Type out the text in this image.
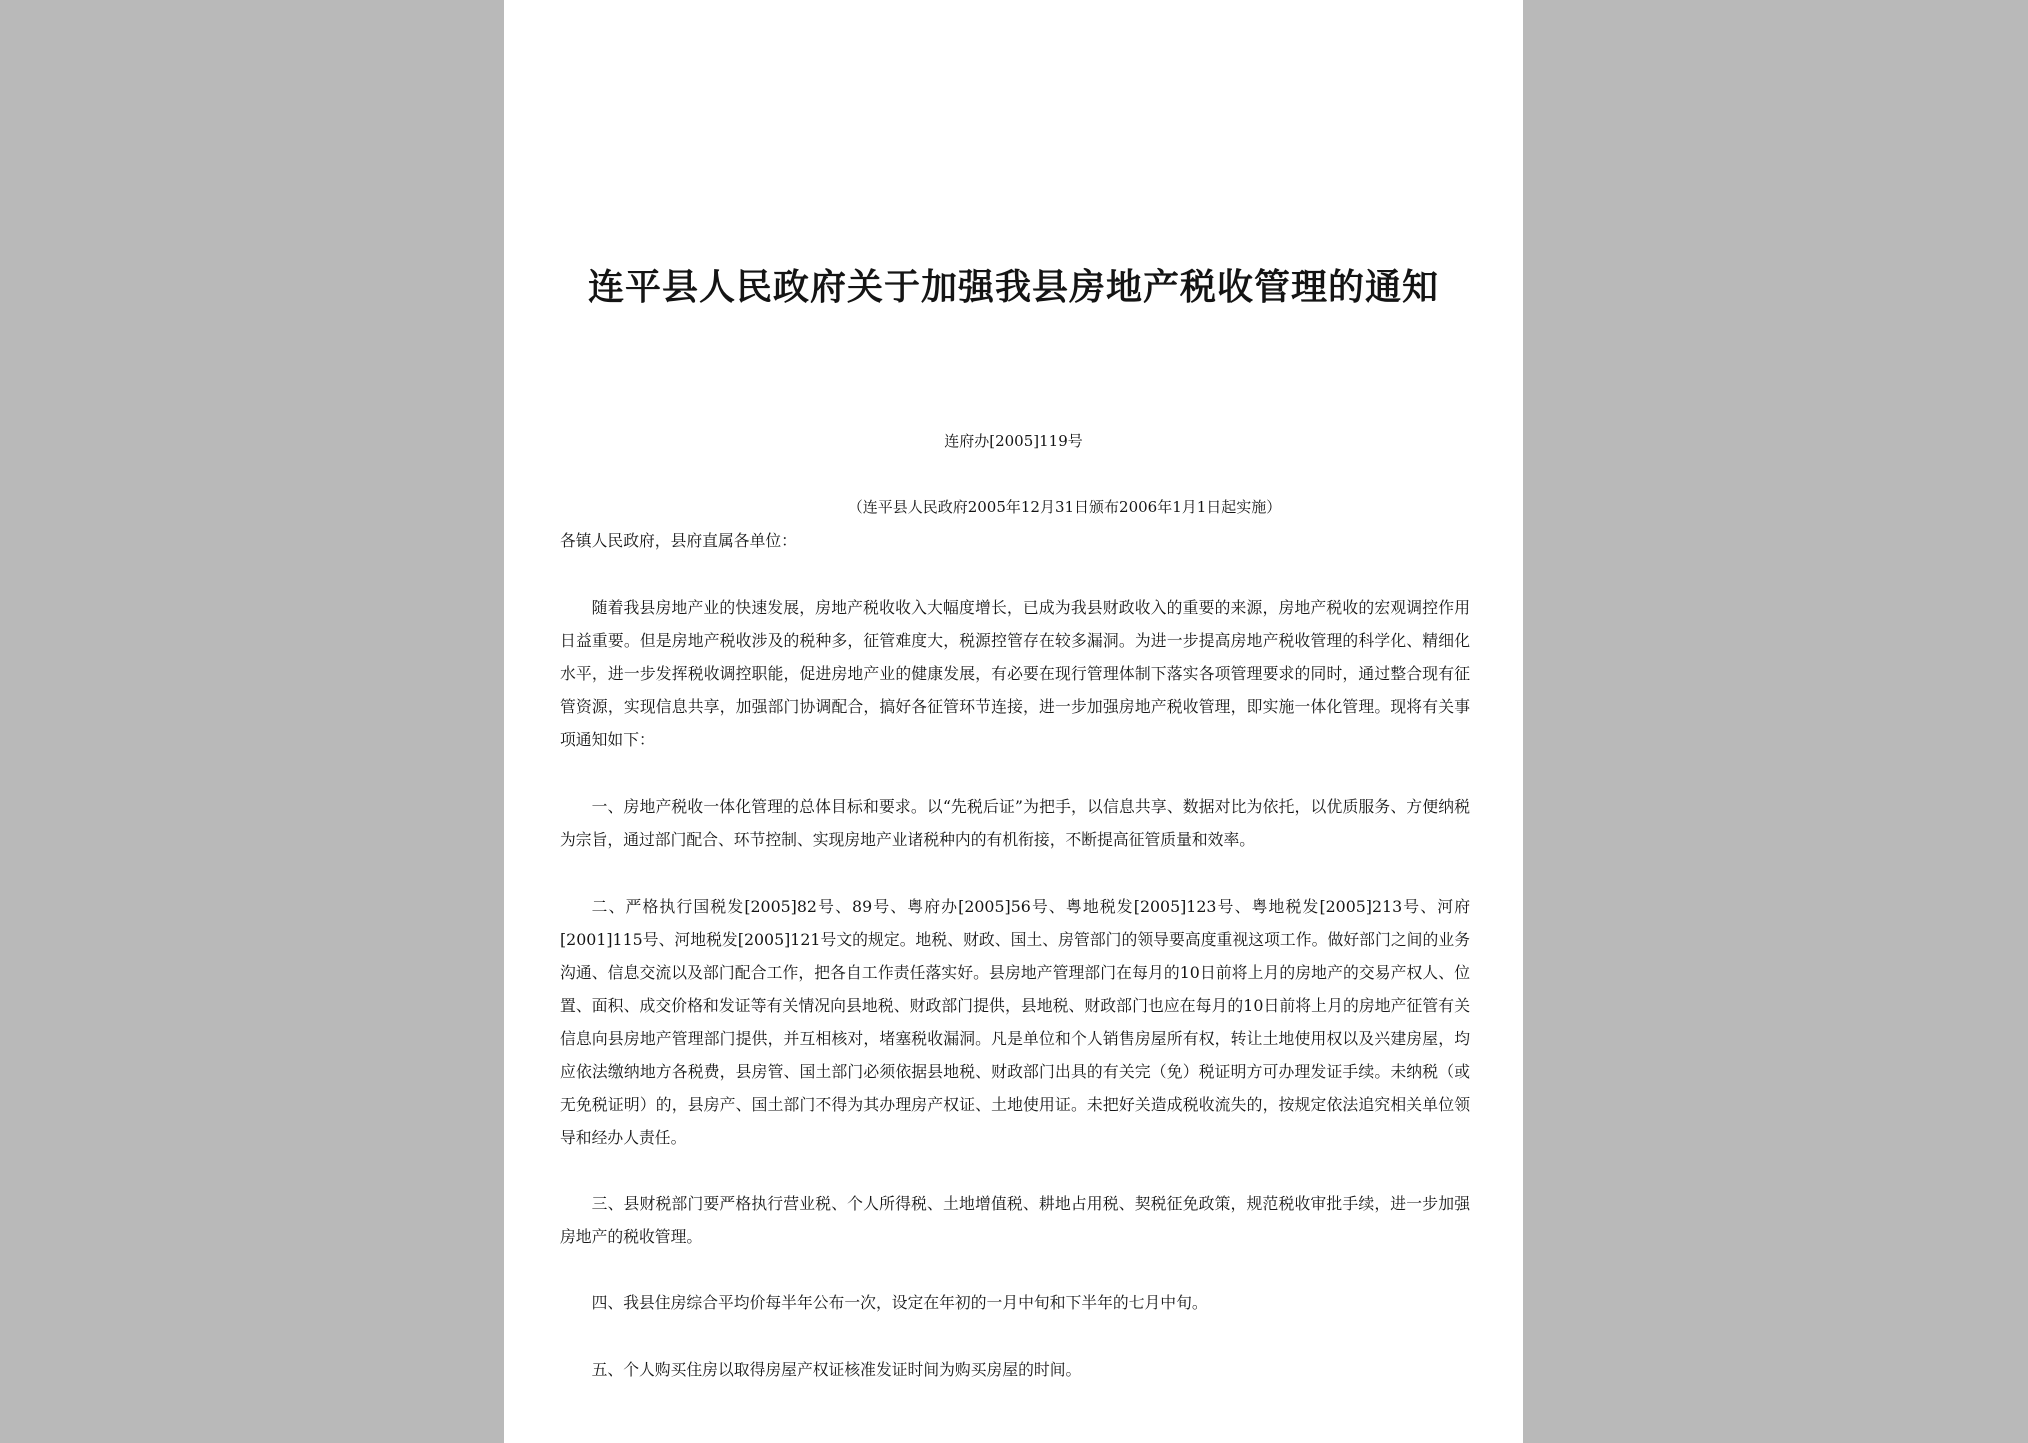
连平县人民政府关于加强我县房地产税收管理的通知
连府办[2005]119号
（连平县人民政府2005年12月31日颁布2006年1月1日起实施）

各镇人民政府，县府直属各单位：

随着我县房地产业的快速发展，房地产税收收入大幅度增长，已成为我县财政收入的重要的来源，房地产税收的宏观调控作用日益重要。但是房地产税收涉及的税种多，征管难度大，税源控管存在较多漏洞。为进一步提高房地产税收管理的科学化、精细化水平，进一步发挥税收调控职能，促进房地产业的健康发展，有必要在现行管理体制下落实各项管理要求的同时，通过整合现有征管资源，实现信息共享，加强部门协调配合，搞好各征管环节连接，进一步加强房地产税收管理，即实施一体化管理。现将有关事项通知如下：

一、房地产税收一体化管理的总体目标和要求。以“先税后证”为把手，以信息共享、数据对比为依托，以优质服务、方便纳税为宗旨，通过部门配合、环节控制、实现房地产业诸税种内的有机衔接，不断提高征管质量和效率。

二、严格执行国税发[2005]82号、89号、粤府办[2005]56号、粤地税发[2005]123号、粤地税发[2005]213号、河府[2001]115号、河地税发[2005]121号文的规定。地税、财政、国土、房管部门的领导要高度重视这项工作。做好部门之间的业务沟通、信息交流以及部门配合工作，把各自工作责任落实好。县房地产管理部门在每月的10日前将上月的房地产的交易产权人、位置、面积、成交价格和发证等有关情况向县地税、财政部门提供，县地税、财政部门也应在每月的10日前将上月的房地产征管有关信息向县房地产管理部门提供，并互相核对，堵塞税收漏洞。凡是单位和个人销售房屋所有权，转让土地使用权以及兴建房屋，均应依法缴纳地方各税费，县房管、国土部门必须依据县地税、财政部门出具的有关完（免）税证明方可办理发证手续。未纳税（或无免税证明）的，县房产、国土部门不得为其办理房产权证、土地使用证。未把好关造成税收流失的，按规定依法追究相关单位领导和经办人责任。

三、县财税部门要严格执行营业税、个人所得税、土地增值税、耕地占用税、契税征免政策，规范税收审批手续，进一步加强房地产的税收管理。

四、我县住房综合平均价每半年公布一次，设定在年初的一月中旬和下半年的七月中旬。

五、个人购买住房以取得房屋产权证核准发证时间为购买房屋的时间。
